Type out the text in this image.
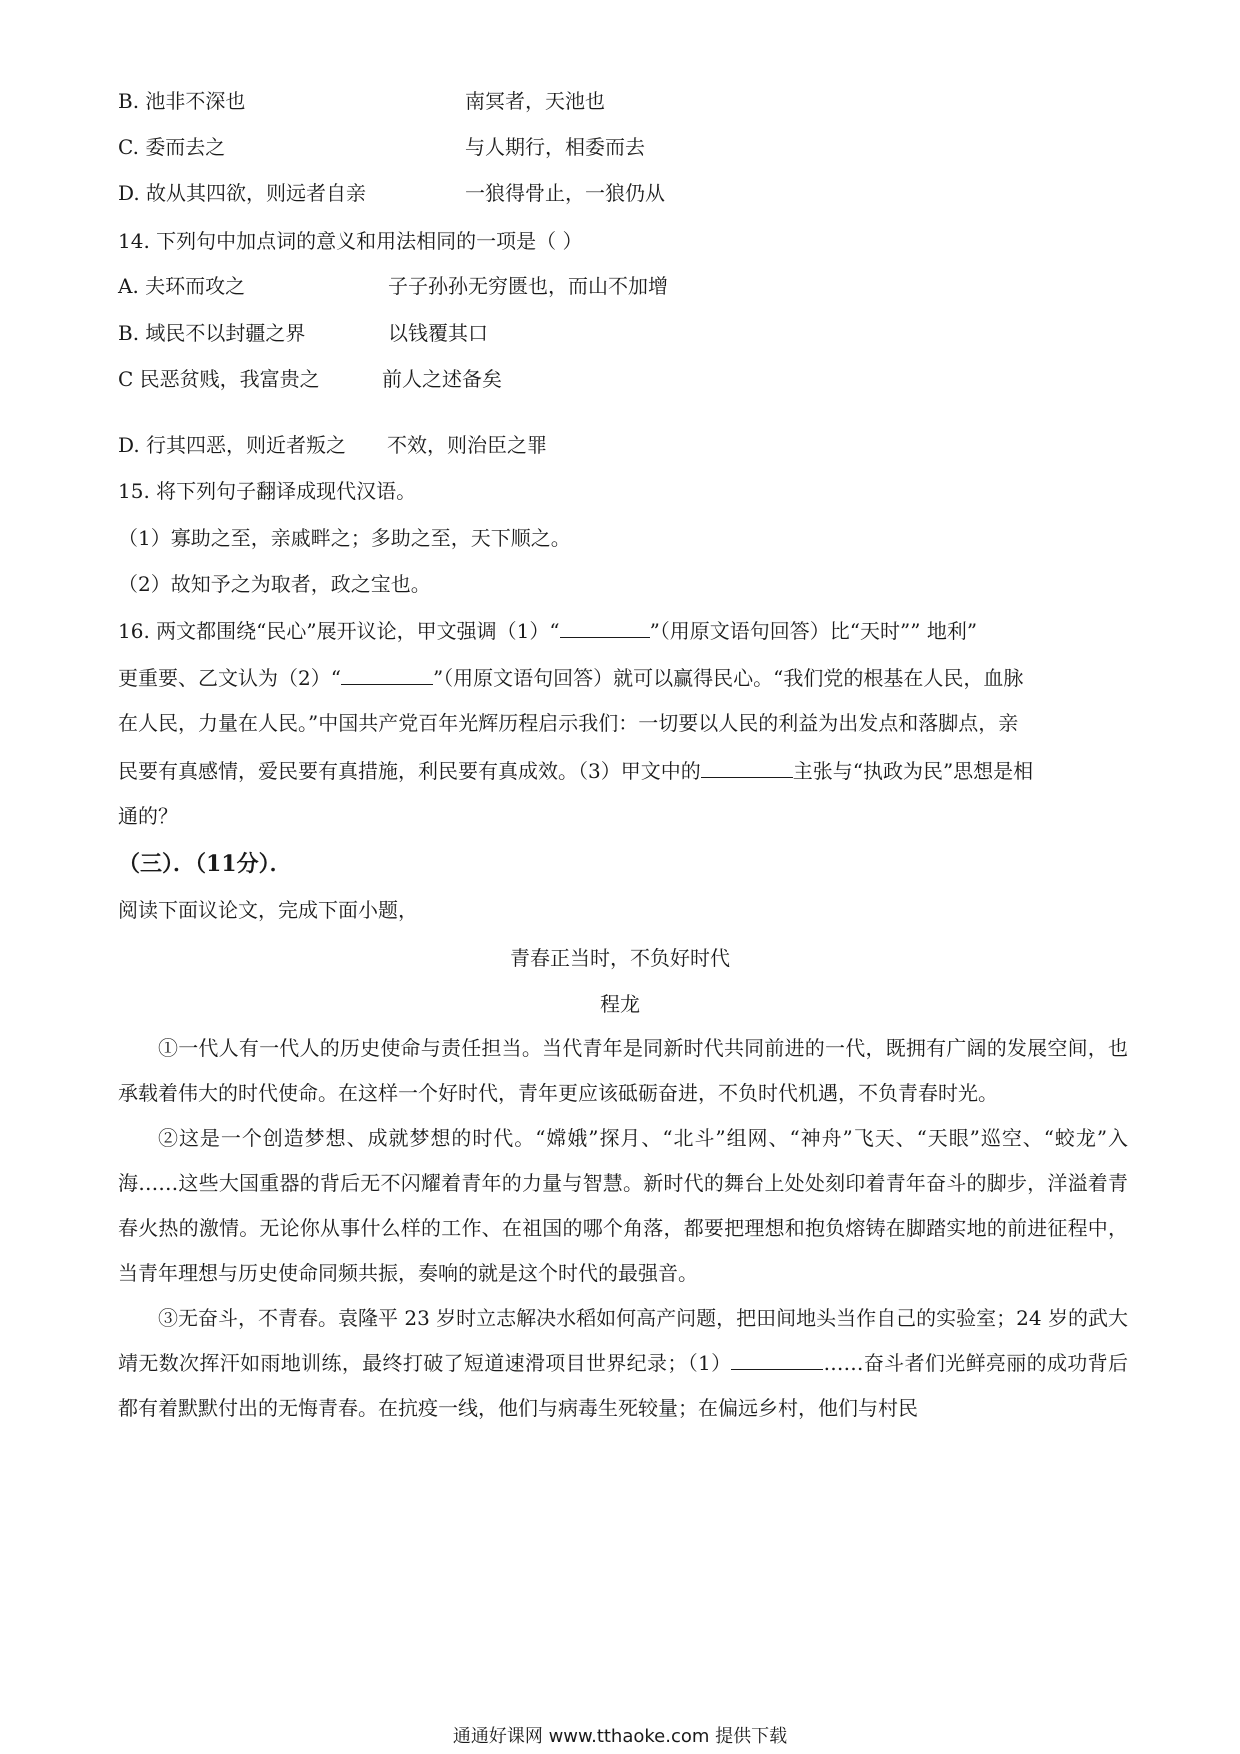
B. 池非不深也	南冥者，天池也
C. 委而去之	与人期行，相委而去
D. 故从其四欲，则远者自亲	一狼得骨止，一狼仍从
14. 下列句中加点词的意义和用法相同的一项是（ ）
A. 夫环而攻之	子子孙孙无穷匮也，而山不加增
B. 域民不以封疆之界	以钱覆其口
C 民恶贫贱，我富贵之	前人之述备矣
D. 行其四恶，则近者叛之 不效，则治臣之罪
15. 将下列句子翻译成现代汉语。
（1）寡助之至，亲戚畔之；多助之至，天下顺之。
（2）故知予之为取者，政之宝也。
16. 两文都围绕“民心”展开议论，甲文强调（1）“	”（用原文语句回答）比“天时”” 地利”
更重要、乙文认为（2）“	”（用原文语句回答）就可以赢得民心。“我们党的根基在人民，血脉
在人民，力量在人民。”中国共产党百年光辉历程启示我们：一切要以人民的利益为出发点和落脚点，亲
民要有真感情，爱民要有真措施，利民要有真成效。（3）甲文中的	主张与“执政为民”思想是相
通的？
（三）．（11分）．
阅读下面议论文，完成下面小题，
青春正当时，不负好时代
程龙

①一代人有一代人的历史使命与责任担当。当代青年是同新时代共同前进的一代，既拥有广阔的发展空间，也承载着伟大的时代使命。在这样一个好时代，青年更应该砥砺奋进，不负时代机遇，不负青春时光。

②这是一个创造梦想、成就梦想的时代。“嫦娥”探月、“北斗”组网、“神舟”飞天、“天眼”巡空、“蛟龙”入海……这些大国重器的背后无不闪耀着青年的力量与智慧。新时代的舞台上处处刻印着青年奋斗的脚步，洋溢着青春火热的激情。无论你从事什么样的工作、在祖国的哪个角落，都要把理想和抱负熔铸在脚踏实地的前进征程中，当青年理想与历史使命同频共振，奏响的就是这个时代的最强音。

③无奋斗，不青春。袁隆平 23 岁时立志解决水稻如何高产问题，把田间地头当作自己的实验室；24 岁的武大靖无数次挥汗如雨地训练，最终打破了短道速滑项目世界纪录；（1）	……奋斗者们光鲜亮丽的成功背后都有着默默付出的无悔青春。在抗疫一线，他们与病毒生死较量；在偏远乡村，他们与村民

通通好课网 www.tthaoke.com 提供下载
